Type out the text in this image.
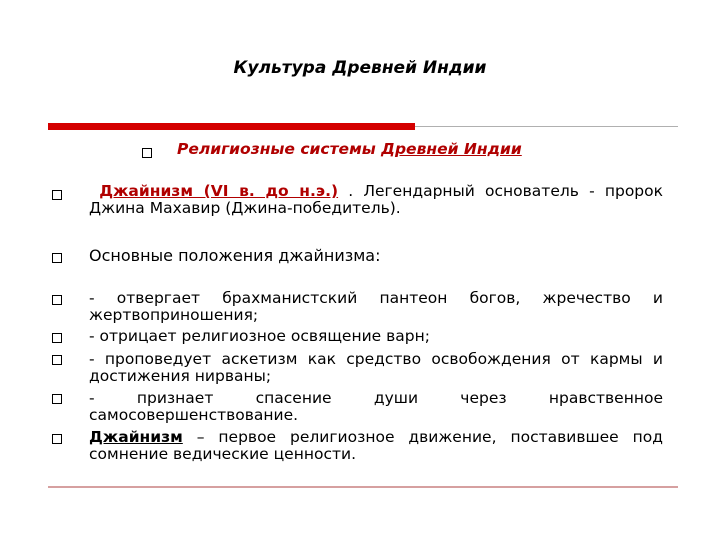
Культура Древней Индии
Религиозные системы Древней Индии
Джайнизм (VI в. до н.э.) . Легендарный основатель - пророк Джина Махавир (Джина-победитель).
Основные положения джайнизма:
- отвергает брахманистский пантеон богов, жречество и жертвоприношения;
- отрицает религиозное освящение варн;
- проповедует аскетизм как средство освобождения от кармы и достижения нирваны;
- признает спасение души через нравственное самосовершенствование.
Джайнизм – первое религиозное движение, поставившее под сомнение ведические ценности.
